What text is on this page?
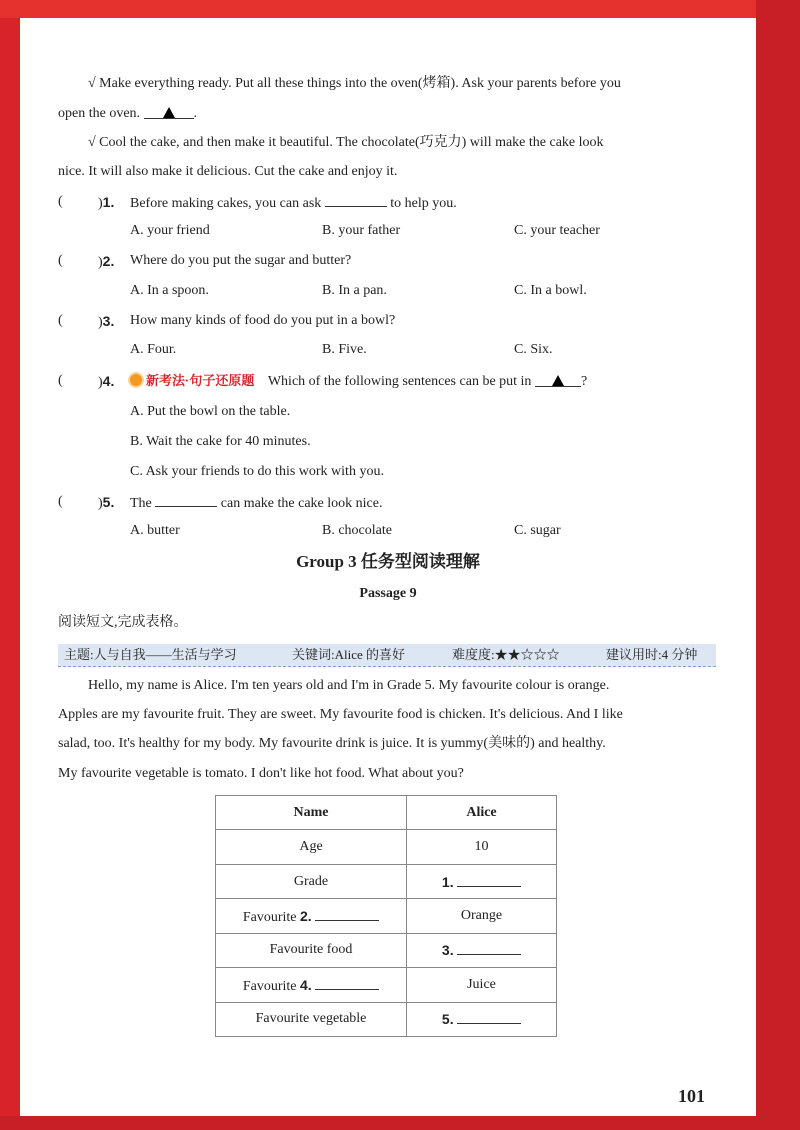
√ Make everything ready. Put all these things into the oven(烤箱). Ask your parents before you
open the oven.	.
√ Cool the cake, and then make it beautiful. The chocolate(巧克力) will make the cake look
nice. It will also make it delicious. Cut the cake and enjoy it.
(	)1. Before making cakes, you can ask	to help you.
A. your friend	B. your father	C. your teacher
(	)2. Where do you put the sugar and butter?
A. In a spoon.	B. In a pan.	C. In a bowl.
(	)3. How many kinds of food do you put in a bowl?
A. Four.	B. Five.	C. Six.
(	)4.	新考法·句子还原题 Which of the following sentences can be put in	?
A. Put the bowl on the table.
B. Wait the cake for 40 minutes.
C. Ask your friends to do this work with you.
(	)5. The	can make the cake look nice.
A. butter	B. chocolate	C. sugar
Group 3 任务型阅读理解
Passage 9
阅读短文,完成表格。
主题:人与自我——生活与学习	关键词:Alice 的喜好	难度度:★★☆☆☆	建议用时:4 分钟
Hello, my name is Alice. I'm ten years old and I'm in Grade 5. My favourite colour is orange.
Apples are my favourite fruit. They are sweet. My favourite food is chicken. It's delicious. And I like
salad, too. It's healthy for my body. My favourite drink is juice. It is yummy(美味的) and healthy.
My favourite vegetable is tomato. I don't like hot food. What about you?
Name	Alice
Age	10
Grade	1.
Favourite 2.	Orange
Favourite food	3.
Favourite 4.	Juice
Favourite vegetable	5.
101
